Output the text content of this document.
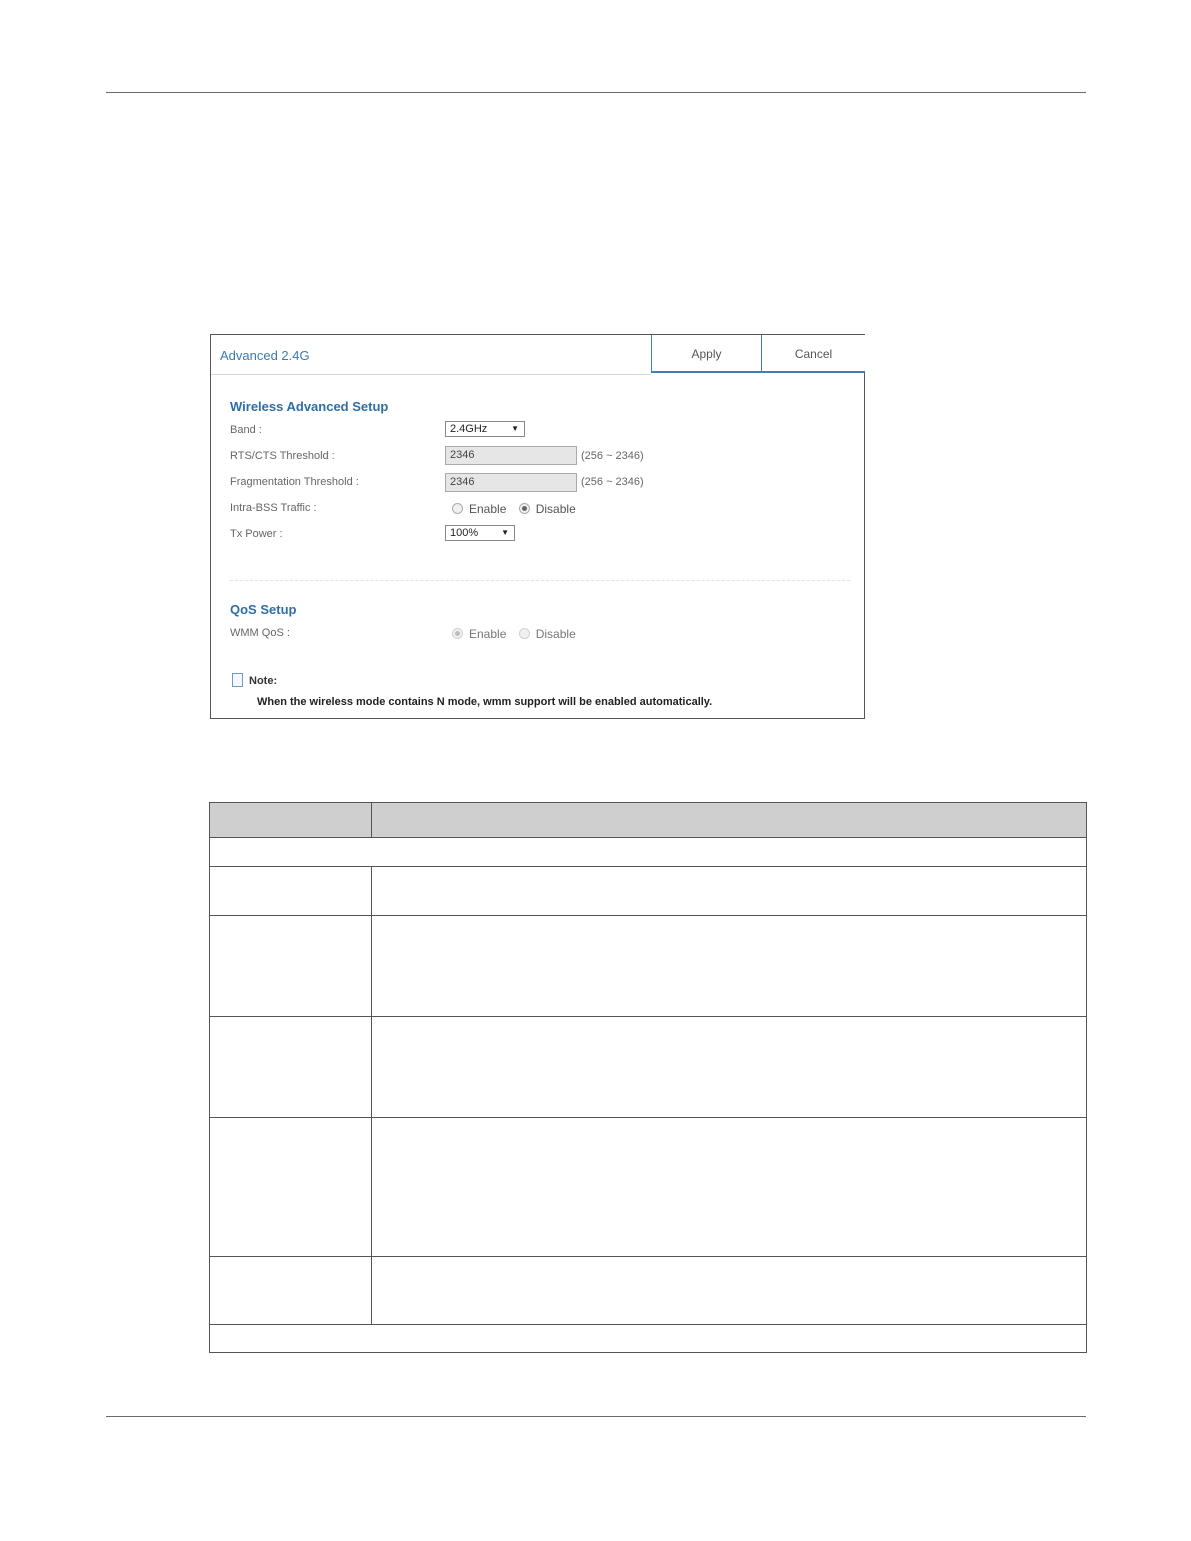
Advanced 2.4G	Apply	Cancel
Wireless Advanced Setup
Band :	2.4GHz	▼
RTS/CTS Threshold :	2346	(256 ~ 2346)
Fragmentation Threshold :	2346	(256 ~ 2346)
Intra-BSS Traffic :	Enable Disable
Tx Power :	100%	▼
QoS Setup
WMM QoS :	Enable Disable
Note:
When the wireless mode contains N mode, wmm support will be enabled automatically.
